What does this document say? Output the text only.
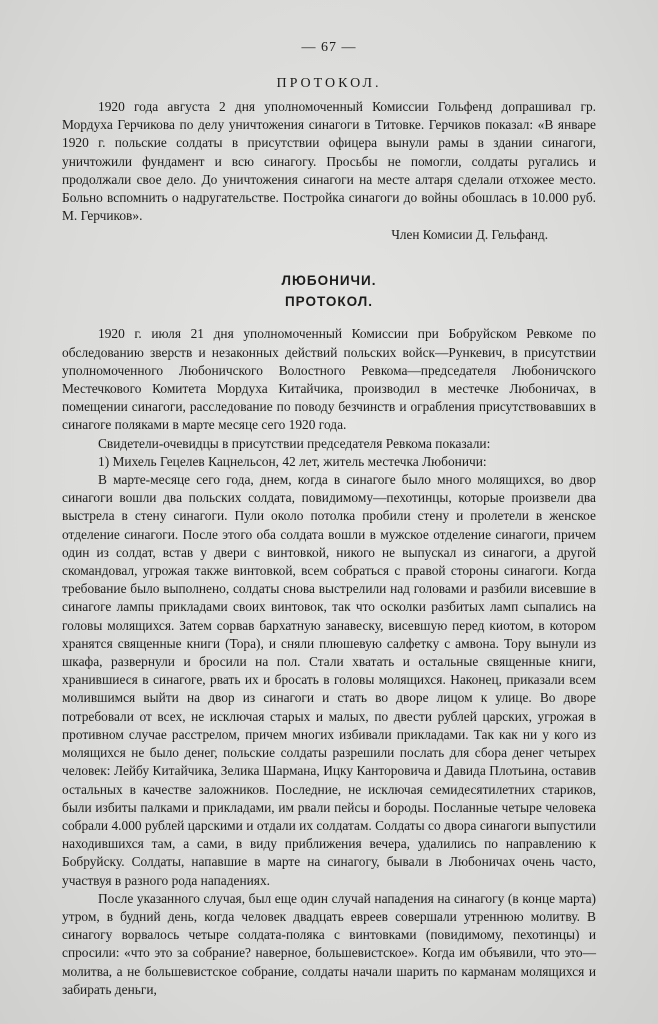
— 67 —
ПРОТОКОЛ.

1920 года августа 2 дня уполномоченный Комиссии Гольфенд допрашивал гр. Мордуха Герчикова по делу уничтожения синагоги в Титовке. Герчиков показал: «В январе 1920 г. польские солдаты в присутствии офицера вынули рамы в здании синагоги, уничтожили фундамент и всю синагогу. Просьбы не помогли, солдаты ругались и продолжали свое дело. До уничтожения синагоги на месте алтаря сделали отхожее место. Больно вспомнить о надругательстве. Постройка синагоги до войны обошлась в 10.000 руб. М. Герчиков».

Член Комисии Д. Гельфанд.
ЛЮБОНИЧИ.
ПРОТОКОЛ.

1920 г. июля 21 дня уполномоченный Комиссии при Бобруйском Ревкоме по обследованию зверств и незаконных действий польских войск—Рункевич, в присутствии уполномоченного Любоничского Волостного Ревкома—председателя Любоничского Местечкового Комитета Мордуха Китайчика, производил в местечке Любоничах, в помещении синагоги, расследование по поводу безчинств и ограбления присутствовавших в синагоге поляками в марте месяце сего 1920 года.

Свидетели-очевидцы в присутствии председателя Ревкома показали:

1) Михель Гецелев Кацнельсон, 42 лет, житель местечка Любоничи:

В марте-месяце сего года, днем, когда в синагоге было много молящихся, во двор синагоги вошли два польских солдата, повидимому—пехотинцы, которые произвели два выстрела в стену синагоги. Пули около потолка пробили стену и пролетели в женское отделение синагоги. После этого оба солдата вошли в мужское отделение синагоги, причем один из солдат, встав у двери с винтовкой, никого не выпускал из синагоги, а другой скомандовал, угрожая также винтовкой, всем собраться с правой стороны синагоги. Когда требование было выполнено, солдаты снова выстрелили над головами и разбили висевшие в синагоге лампы прикладами своих винтовок, так что осколки разбитых ламп сыпались на головы молящихся. Затем сорвав бархатную занавеску, висевшую перед киотом, в котором хранятся священные книги (Тора), и сняли плюшевую салфетку с амвона. Тору вынули из шкафа, развернули и бросили на пол. Стали хватать и остальные священные книги, хранившиеся в синагоге, рвать их и бросать в головы молящихся. Наконец, приказали всем молившимся выйти на двор из синагоги и стать во дворе лицом к улице. Во дворе потребовали от всех, не исключая старых и малых, по двести рублей царских, угрожая в противном случае расстрелом, причем многих избивали прикладами. Так как ни у кого из молящихся не было денег, польские солдаты разрешили послать для сбора денег четырех человек: Лейбу Китайчика, Зелика Шармана, Ицку Канторовича и Давида Плотьина, оставив остальных в качестве заложников. Последние, не исключая семидесятилетних стариков, были избиты палками и прикладами, им рвали пейсы и бороды. Посланные четыре человека собрали 4.000 рублей царскими и отдали их солдатам. Солдаты со двора синагоги выпустили находившихся там, а сами, в виду приближения вечера, удалились по направлению к Бобруйску. Солдаты, напавшие в марте на синагогу, бывали в Любоничах очень часто, участвуя в разного рода нападениях.

После указанного случая, был еще один случай нападения на синагогу (в конце марта) утром, в будний день, когда человек двадцать евреев совершали утреннюю молитву. В синагогу ворвалось четыре солдата-поляка с винтовками (повидимому, пехотинцы) и спросили: «что это за собрание? наверное, большевистское». Когда им объявили, что это—молитва, а не большевистское собрание, солдаты начали шарить по карманам молящихся и забирать деньги,
